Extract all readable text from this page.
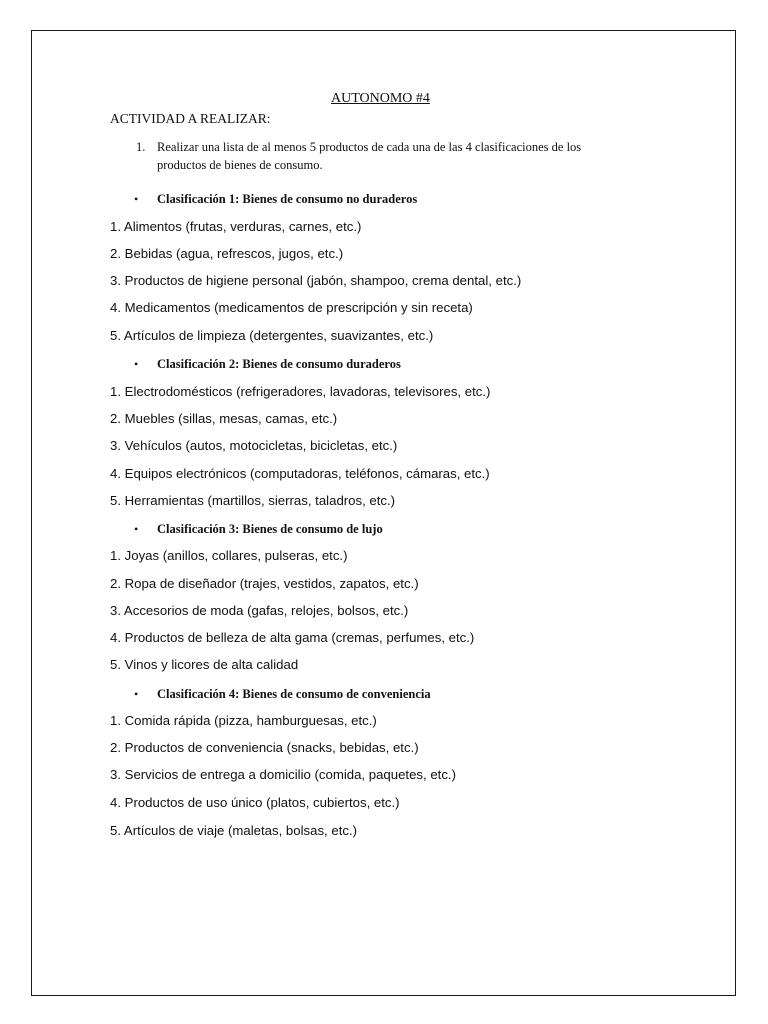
AUTONOMO #4
ACTIVIDAD A REALIZAR:
1. Realizar una lista de al menos 5 productos de cada una de las 4 clasificaciones de los
productos de bienes de consumo.
• Clasificación 1: Bienes de consumo no duraderos
1. Alimentos (frutas, verduras, carnes, etc.)
2. Bebidas (agua, refrescos, jugos, etc.)
3. Productos de higiene personal (jabón, shampoo, crema dental, etc.)
4. Medicamentos (medicamentos de prescripción y sin receta)
5. Artículos de limpieza (detergentes, suavizantes, etc.)
• Clasificación 2: Bienes de consumo duraderos
1. Electrodomésticos (refrigeradores, lavadoras, televisores, etc.)
2. Muebles (sillas, mesas, camas, etc.)
3. Vehículos (autos, motocicletas, bicicletas, etc.)
4. Equipos electrónicos (computadoras, teléfonos, cámaras, etc.)
5. Herramientas (martillos, sierras, taladros, etc.)
• Clasificación 3: Bienes de consumo de lujo
1. Joyas (anillos, collares, pulseras, etc.)
2. Ropa de diseñador (trajes, vestidos, zapatos, etc.)
3. Accesorios de moda (gafas, relojes, bolsos, etc.)
4. Productos de belleza de alta gama (cremas, perfumes, etc.)
5. Vinos y licores de alta calidad
• Clasificación 4: Bienes de consumo de conveniencia
1. Comida rápida (pizza, hamburguesas, etc.)
2. Productos de conveniencia (snacks, bebidas, etc.)
3. Servicios de entrega a domicilio (comida, paquetes, etc.)
4. Productos de uso único (platos, cubiertos, etc.)
5. Artículos de viaje (maletas, bolsas, etc.)
